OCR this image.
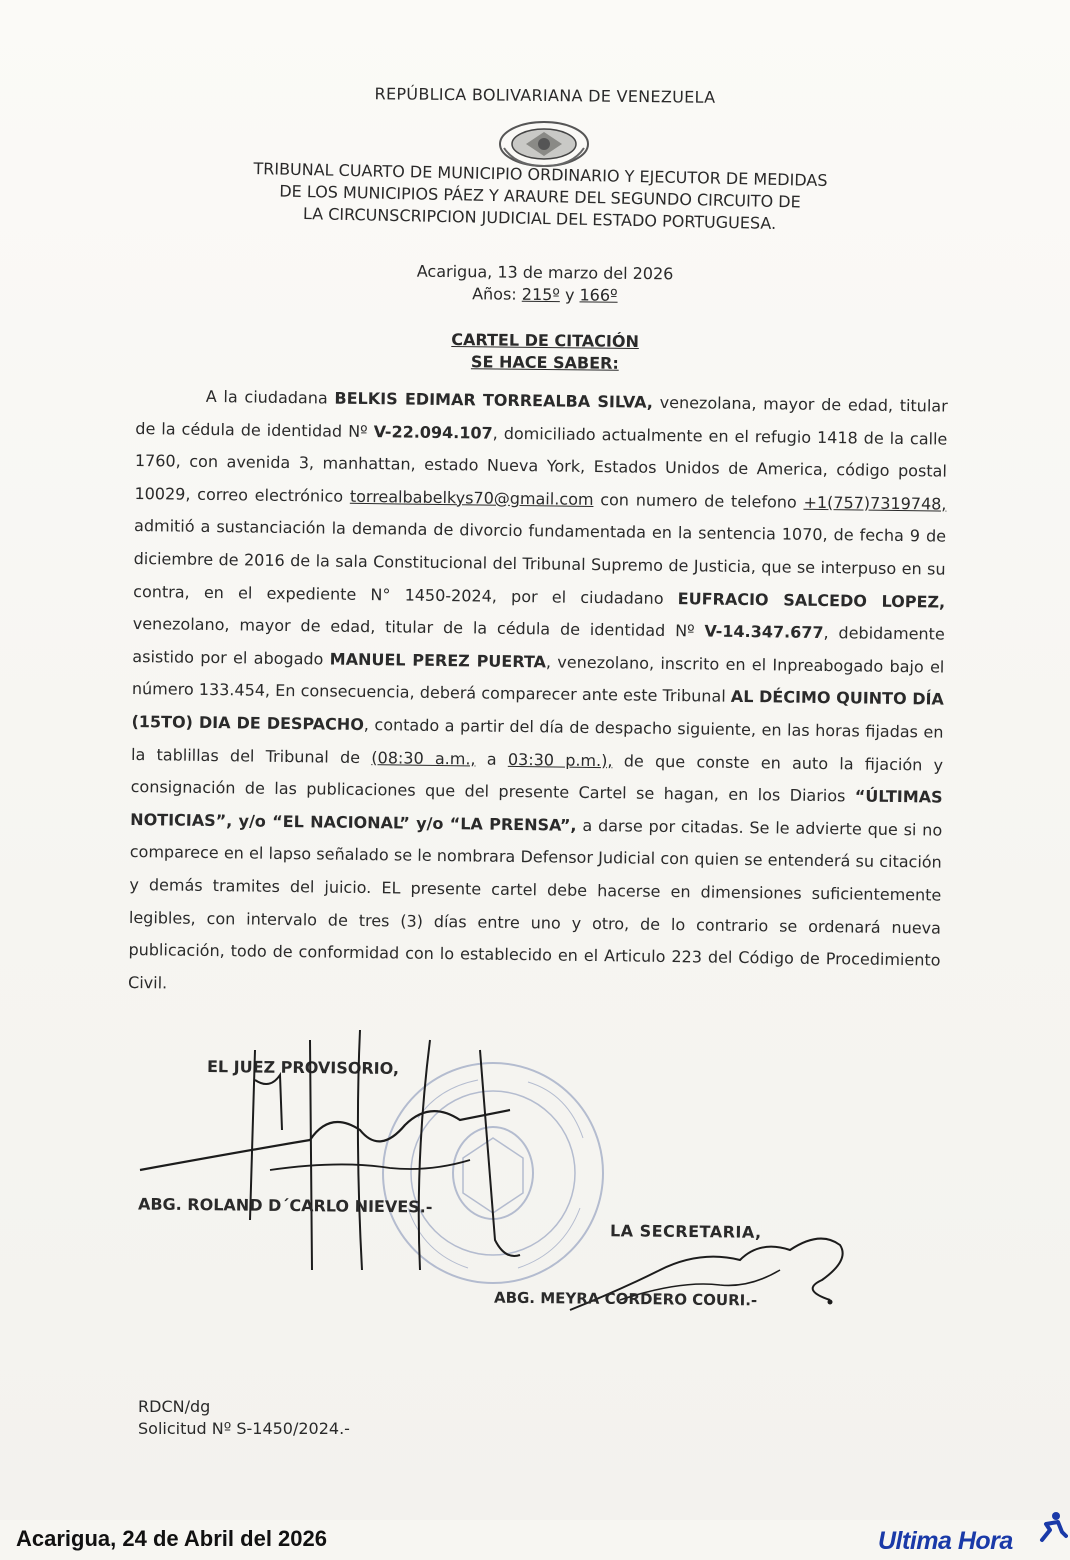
REPÚBLICA BOLIVARIANA DE VENEZUELA
TRIBUNAL CUARTO DE MUNICIPIO ORDINARIO Y EJECUTOR DE MEDIDAS
DE LOS MUNICIPIOS PÁEZ Y ARAURE DEL SEGUNDO CIRCUITO DE
LA CIRCUNSCRIPCION JUDICIAL DEL ESTADO PORTUGUESA.
Acarigua, 13 de marzo del 2026
Años: 215º y 166º
CARTEL DE CITACIÓN
SE HACE SABER:

A la ciudadana BELKIS EDIMAR TORREALBA SILVA, venezolana, mayor de edad, titular de la cédula de identidad Nº V-22.094.107, domiciliado actualmente en el refugio 1418 de la calle 1760, con avenida 3, manhattan, estado Nueva York, Estados Unidos de America, código postal 10029, correo electrónico torrealbabelkys70@gmail.com con numero de telefono +1(757)7319748, admitió a sustanciación la demanda de divorcio fundamentada en la sentencia 1070, de fecha 9 de diciembre de 2016 de la sala Constitucional del Tribunal Supremo de Justicia, que se interpuso en su contra, en el expediente N° 1450-2024, por el ciudadano EUFRACIO SALCEDO LOPEZ, venezolano, mayor de edad, titular de la cédula de identidad Nº V-14.347.677, debidamente asistido por el abogado MANUEL PEREZ PUERTA, venezolano, inscrito en el Inpreabogado bajo el número 133.454, En consecuencia, deberá comparecer ante este Tribunal AL DÉCIMO QUINTO DÍA (15TO) DIA DE DESPACHO, contado a partir del día de despacho siguiente, en las horas fijadas en la tablillas del Tribunal de (08:30 a.m., a 03:30 p.m.), de que conste en auto la fijación y consignación de las publicaciones que del presente Cartel se hagan, en los Diarios “ÚLTIMAS NOTICIAS”, y/o “EL NACIONAL” y/o “LA PRENSA”, a darse por citadas. Se le advierte que si no comparece en el lapso señalado se le nombrara Defensor Judicial con quien se entenderá su citación y demás tramites del juicio. EL presente cartel debe hacerse en dimensiones suficientemente legibles, con intervalo de tres (3) días entre uno y otro, de lo contrario se ordenará nueva publicación, todo de conformidad con lo establecido en el Articulo 223 del Código de Procedimiento Civil.

EL JUEZ PROVISORIO,
ABG. ROLAND D´CARLO NIEVES.-
LA SECRETARIA,
ABG. MEYRA CORDERO COURI.-
RDCN/dg
Solicitud Nº S-1450/2024.-
Acarigua, 24 de Abril del 2026	Ultima Hora
